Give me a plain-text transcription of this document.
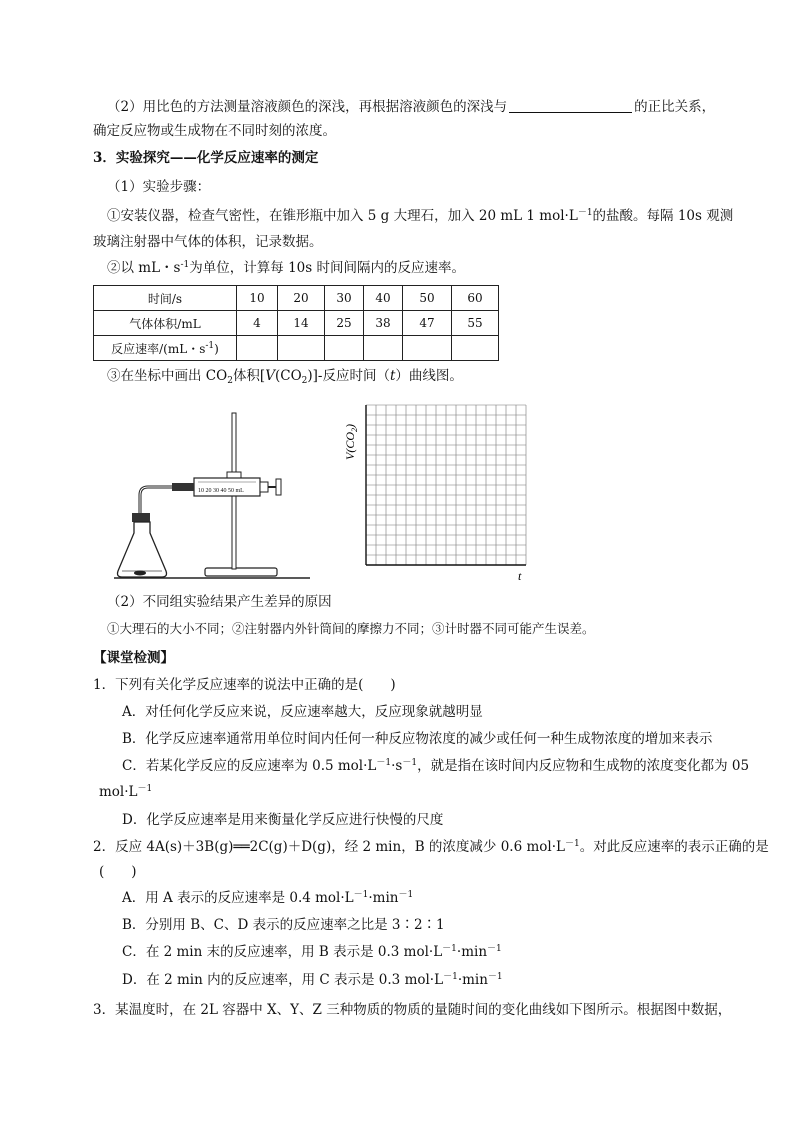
（2）用比色的方法测量溶液颜色的深浅，再根据溶液颜色的深浅与	的正比关系，
确定反应物或生成物在不同时刻的浓度。
3．实验探究——化学反应速率的测定
（1）实验步骤：
①安装仪器，检查气密性，在锥形瓶中加入 5 g 大理石，加入 20 mL 1 $mol\cdot L^{-1}$的盐酸。每隔 10s 观测
玻璃注射器中气体的体积，记录数据。
②以 mL・$s^{-1}$为单位，计算每 10s 时间间隔内的反应速率。
时间/s	10	20	30	40	50	60
气体体积/mL	4	14	25	38	47	55
反应速率/(mL・$s^{-1}$)						
③在坐标中画出 $CO_2$体积$[V(CO_2)]-$反应时间（t）曲线图。
10 20 30 40 50 mL
$V(CO_2)$
t
（2）不同组实验结果产生差异的原因
①大理石的大小不同；②注射器内外针筒间的摩擦力不同；③计时器不同可能产生误差。
【课堂检测】
1．下列有关化学反应速率的说法中正确的是(　　)
A．对任何化学反应来说，反应速率越大，反应现象就越明显
B．化学反应速率通常用单位时间内任何一种反应物浓度的减少或任何一种生成物浓度的增加来表示
C．若某化学反应的反应速率为 0.5 $mol\cdot L^{-1}\cdot s^{-1}$，就是指在该时间内反应物和生成物的浓度变化都为 05
$mol\cdot L^{-1}$
D．化学反应速率是用来衡量化学反应进行快慢的尺度
2．反应 4A(s)＋3B(g)══2C(g)＋D(g)，经 2 min，B 的浓度减少 0.6 $mol\cdot L^{-1}$。对此反应速率的表示正确的是
(　　)
A．用 A 表示的反应速率是 0.4 $mol\cdot L^{-1}\cdot\min^{-1}$
B．分别用 B、C、D 表示的反应速率之比是 3∶2∶1
C．在 2 min 末的反应速率，用 B 表示是 0.3 $mol\cdot L^{-1}\cdot\min^{-1}$
D．在 2 min 内的反应速率，用 C 表示是 0.3 $mol\cdot L^{-1}\cdot\min^{-1}$
3．某温度时，在 2L 容器中 X、Y、Z 三种物质的物质的量随时间的变化曲线如下图所示。根据图中数据，
